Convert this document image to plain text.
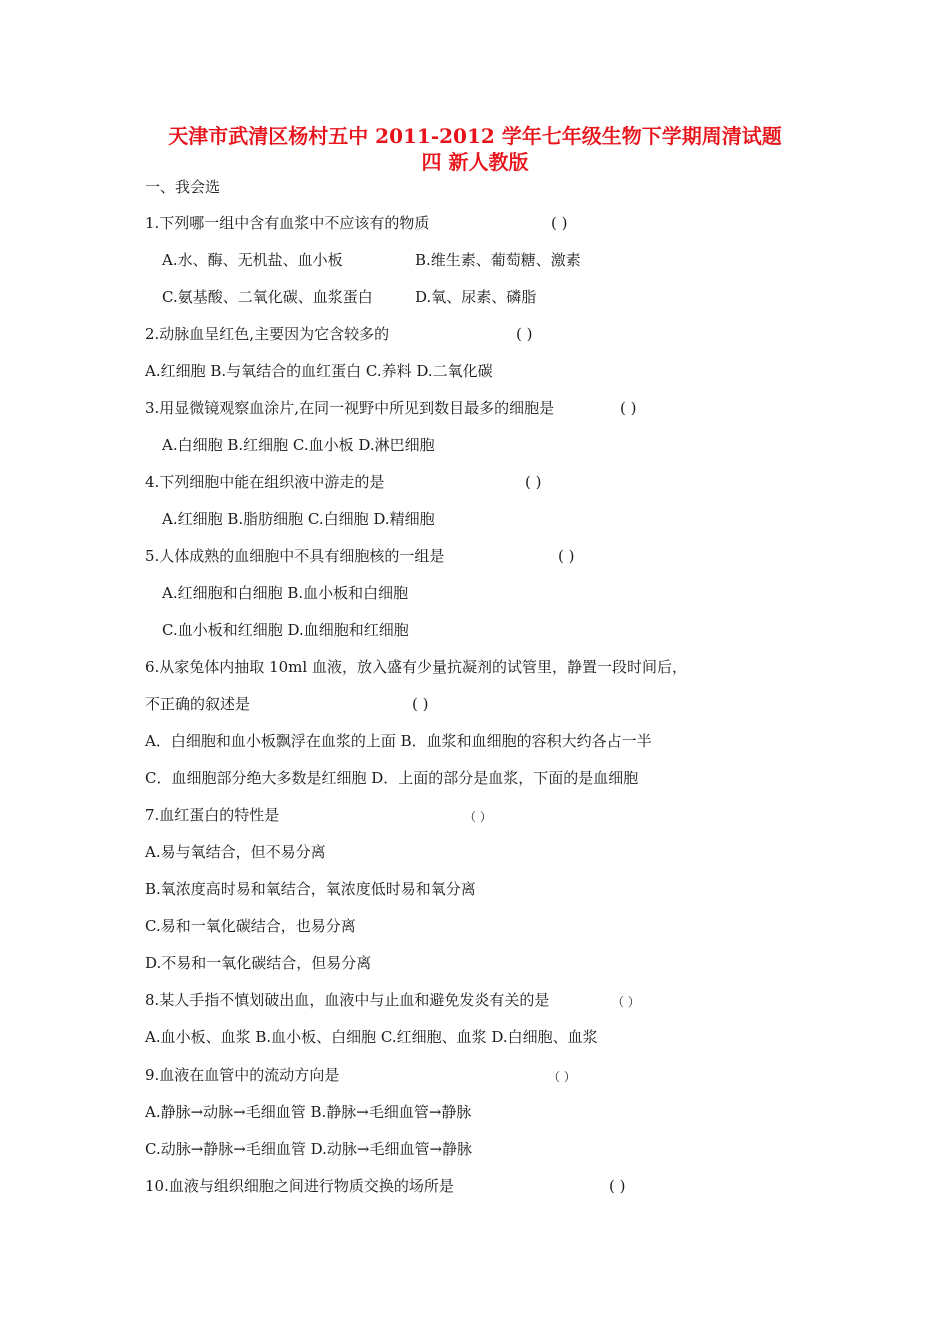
天津市武清区杨村五中 2011-2012 学年七年级生物下学期周清试题
四 新人教版
一、我会选
1.下列哪一组中含有血浆中不应该有的物质	( )
A.水、酶、无机盐、血小板	B.维生素、葡萄糖、激素
C.氨基酸、二氧化碳、血浆蛋白	D.氧、尿素、磷脂
2.动脉血呈红色,主要因为它含较多的	( )
A.红细胞 B.与氧结合的血红蛋白 C.养料 D.二氧化碳
3.用显微镜观察血涂片,在同一视野中所见到数目最多的细胞是	( )
A.白细胞 B.红细胞 C.血小板 D.淋巴细胞
4.下列细胞中能在组织液中游走的是	( )
A.红细胞 B.脂肪细胞 C.白细胞 D.精细胞
5.人体成熟的血细胞中不具有细胞核的一组是	( )
A.红细胞和白细胞 B.血小板和白细胞
C.血小板和红细胞 D.血细胞和红细胞
6.从家兔体内抽取 10ml 血液，放入盛有少量抗凝剂的试管里，静置一段时间后，
不正确的叙述是	( )
A．白细胞和血小板飘浮在血浆的上面 B．血浆和血细胞的容积大约各占一半
C．血细胞部分绝大多数是红细胞 D．上面的部分是血浆，下面的是血细胞
7.血红蛋白的特性是	（ ）
A.易与氧结合，但不易分离
B.氧浓度高时易和氧结合，氧浓度低时易和氧分离
C.易和一氧化碳结合，也易分离
D.不易和一氧化碳结合，但易分离
8.某人手指不慎划破出血，血液中与止血和避免发炎有关的是	（ ）
A.血小板、血浆 B.血小板、白细胞 C.红细胞、血浆 D.白细胞、血浆
9.血液在血管中的流动方向是	（ ）
A.静脉→动脉→毛细血管 B.静脉→毛细血管→静脉
C.动脉→静脉→毛细血管 D.动脉→毛细血管→静脉
10.血液与组织细胞之间进行物质交换的场所是	( )
